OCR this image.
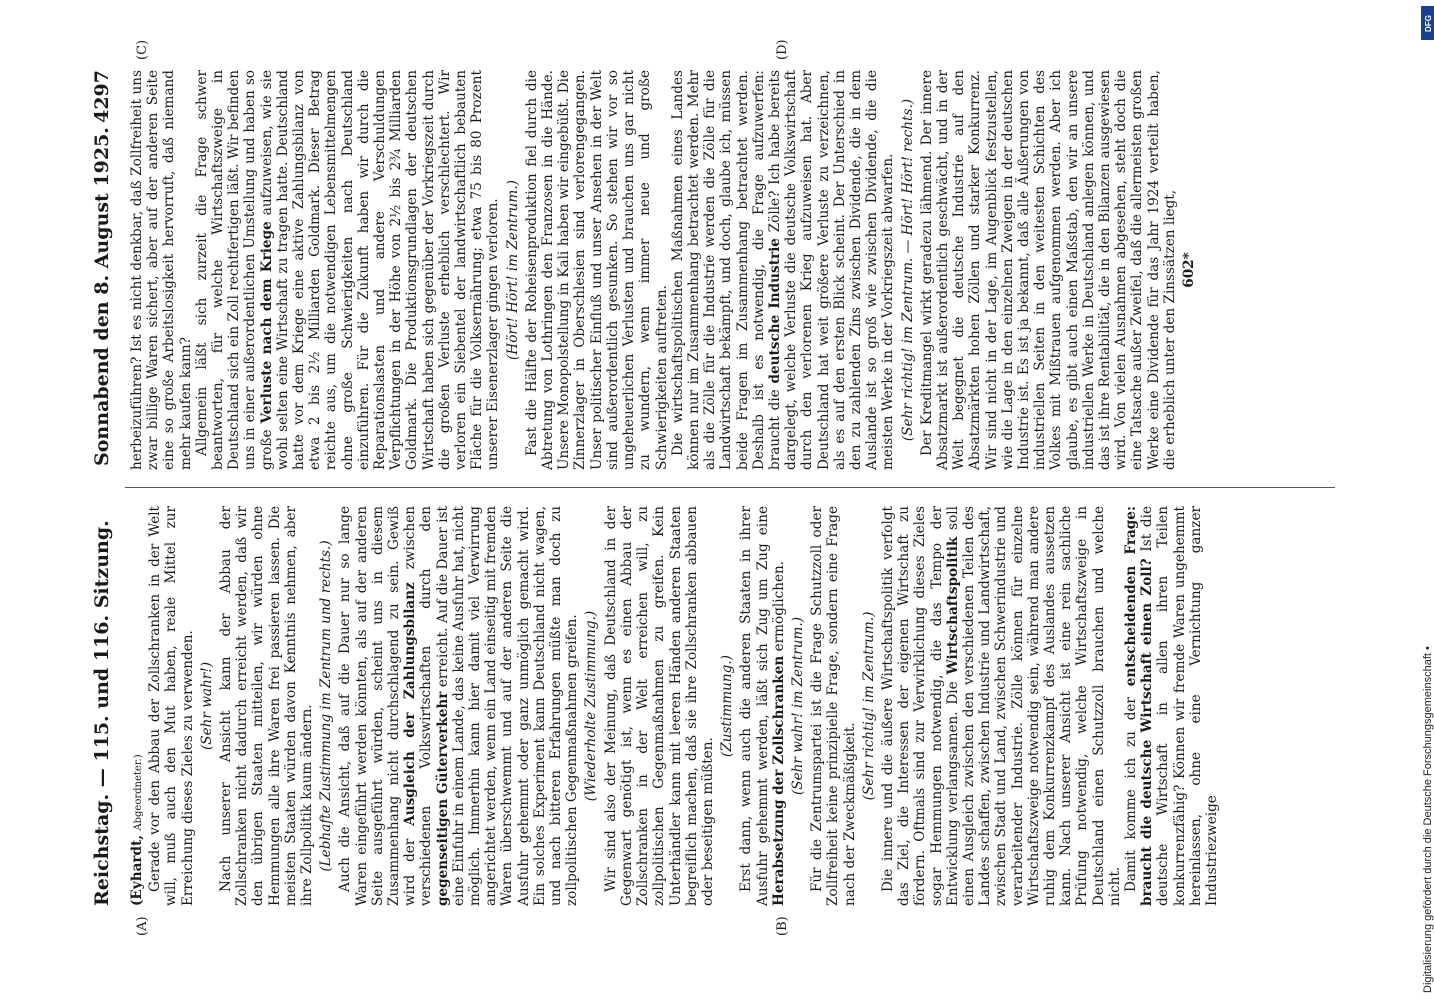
Reichstag. — 115. und 116. Sitzung.
Sonnabend den 8. August 1925.
4297
(A)	(B)
(C)	(D)

(Eyhardt, Abgeordneter.) Gerade vor den Abbau der Zollschranken in der Welt will, muß auch den Mut haben, reale Mittel zur Erreichung dieses Zieles zu verwenden. (Sehr wahr!) Nach unserer Ansicht kann der Abbau der Zollschranken nicht dadurch erreicht werden, daß wir den übrigen Staaten mitteilen, wir würden ohne Hemmungen alle ihre Waren frei passieren lassen. Die meisten Staaten würden davon Kenntnis nehmen, aber ihre Zollpolitik kaum ändern. (Lebhafte Zustimmung im Zentrum und rechts.) Auch die Ansicht, daß auf die Dauer nur so lange Waren eingeführt werden könnten, als auf der anderen Seite ausgeführt würden, scheint uns in diesem Zusammenhang nicht durchschlagend zu sein. Gewiß wird der Ausgleich der Zahlungsbilanz zwischen verschiedenen Volkswirtschaften durch den gegenseitigen Güterverkehr erreicht. Auf die Dauer ist eine Einfuhr in einem Lande, das keine Ausfuhr hat, nicht möglich. Immerhin kann hier damit viel Verwirrung angerichtet werden, wenn ein Land einseitig mit fremden Waren überschwemmt und auf der anderen Seite die Ausfuhr gehemmt oder ganz unmöglich gemacht wird. Ein solches Experiment kann Deutschland nicht wagen, und nach bitteren Erfahrungen müßte man doch zu zollpolitischen Gegenmaßnahmen greifen. (Wiederholte Zustimmung.) Wir sind also der Meinung, daß Deutschland in der Gegenwart genötigt ist, wenn es einen Abbau der Zollschranken in der Welt erreichen will, zu zollpolitischen Gegenmaßnahmen zu greifen. Kein Unterhändler kann mit leeren Händen anderen Staaten begreiflich machen, daß sie ihre Zollschranken abbauen oder beseitigen müßten.

(Zustimmung.) Erst dann, wenn auch die anderen Staaten in ihrer Ausfuhr gehemmt werden, läßt sich Zug um Zug eine Herabsetzung der Zollschranken ermöglichen.

(Sehr wahr! im Zentrum.) Für die Zentrumspartei ist die Frage Schutzzoll oder Zollfreiheit keine prinzipielle Frage, sondern eine Frage nach der Zweckmäßigkeit.

(Sehr richtig! im Zentrum.) Die innere und die äußere Wirtschaftspolitik verfolgt das Ziel, die Interessen der eigenen Wirtschaft zu fördern. Oftmals sind zur Verwirklichung dieses Zieles sogar Hemmungen notwendig, die das Tempo der Entwicklung verlangsamen. Die Wirtschaftspolitik soll einen Ausgleich zwischen den verschiedenen Teilen des Landes schaffen, zwischen Industrie und Landwirtschaft, zwischen Stadt und Land, zwischen Schwerindustrie und verarbeitender Industrie. Zölle können für einzelne Wirtschaftszweige notwendig sein, während man andere ruhig dem Konkurrenzkampf des Auslandes aussetzen kann. Nach unserer Ansicht ist eine rein sachliche Prüfung notwendig, welche Wirtschaftszweige in Deutschland einen Schutzzoll brauchen und welche nicht. Damit komme ich zu der entscheidenden Frage: braucht die deutsche Wirtschaft einen Zoll? Ist die deutsche Wirtschaft in allen ihren Teilen konkurrenzfähig? Können wir fremde Waren ungehemmt hereinlassen, ohne eine Vernichtung ganzer Industriezweige

herbeizuführen? Ist es nicht denkbar, daß Zollfreiheit uns zwar billige Waren sichert, aber auf der anderen Seite eine so große Arbeitslosigkeit hervorruft, daß niemand mehr kaufen kann? Allgemein läßt sich zurzeit die Frage schwer beantworten, für welche Wirtschaftszweige in Deutschland sich ein Zoll rechtfertigen läßt. Wir befinden uns in einer außerordentlichen Umstellung und haben so große Verluste nach dem Kriege aufzuweisen, wie sie wohl selten eine Wirtschaft zu tragen hatte. Deutschland hatte vor dem Kriege eine aktive Zahlungsbilanz von etwa 2 bis 2½ Milliarden Goldmark. Dieser Betrag reichte aus, um die notwendigen Lebensmittelmengen ohne große Schwierigkeiten nach Deutschland einzuführen. Für die Zukunft haben wir durch die Reparationslasten und andere Verschuldungen Verpflichtungen in der Höhe von 2½ bis 2¾ Milliarden Goldmark. Die Produktionsgrundlagen der deutschen Wirtschaft haben sich gegenüber der Vorkriegszeit durch die großen Verluste erheblich verschlechtert. Wir verloren ein Siebentel der landwirtschaftlich bebauten Fläche für die Volksernährung; etwa 75 bis 80 Prozent unserer Eisenerzlager gingen verloren. (Hört! Hört! im Zentrum.) Fast die Hälfte der Roheisenproduktion fiel durch die Abtretung von Lothringen den Franzosen in die Hände. Unsere Monopolstellung in Kali haben wir eingebüßt. Die Zinnerzlager in Oberschlesien sind verlorengegangen. Unser politischer Einfluß und unser Ansehen in der Welt sind außerordentlich gesunken. So stehen wir vor so ungeheuerlichen Verlusten und brauchen uns gar nicht zu wundern, wenn immer neue und große Schwierigkeiten auftreten. Die wirtschaftspolitischen Maßnahmen eines Landes können nur im Zusammenhang betrachtet werden. Mehr als die Zölle für die Industrie werden die Zölle für die Landwirtschaft bekämpft, und doch, glaube ich, müssen beide Fragen im Zusammenhang betrachtet werden. Deshalb ist es notwendig, die Frage aufzuwerfen: braucht die deutsche Industrie Zölle? Ich habe bereits dargelegt, welche Verluste die deutsche Volkswirtschaft durch den verlorenen Krieg aufzuweisen hat. Aber Deutschland hat weit größere Verluste zu verzeichnen, als es auf den ersten Blick scheint. Der Unterschied in den zu zahlenden Zins zwischen Dividende, die in dem Auslande ist so groß wie zwischen Dividende, die die meisten Werke in der Vorkriegszeit abwarfen. (Sehr richtig! im Zentrum. — Hört! Hört! rechts.) Der Kreditmangel wirkt geradezu lähmend. Der innere Absatzmarkt ist außerordentlich geschwächt, und in der Welt begegnet die deutsche Industrie auf den Absatzmärkten hohen Zöllen und starker Konkurrenz. Wir sind nicht in der Lage, im Augenblick festzustellen, wie die Lage in den einzelnen Zweigen in der deutschen Industrie ist. Es ist ja bekannt, daß alle Äußerungen von industriellen Seiten in den weitesten Schichten des Volkes mit Mißtrauen aufgenommen werden. Aber ich glaube, es gibt auch einen Maßstab, den wir an unsere industriellen Werke in Deutschland anlegen können, und das ist ihre Rentabilität, die in den Bilanzen ausgewiesen wird. Von vielen Ausnahmen abgesehen, steht doch die eine Tatsache außer Zweifel, daß die allermeisten großen Werke eine Dividende für das Jahr 1924 verteilt haben, die erheblich unter den Zinssätzen liegt, 602*

Digitalisierung gefördert durch die Deutsche Forschungsgemeinschaft •
DFG
